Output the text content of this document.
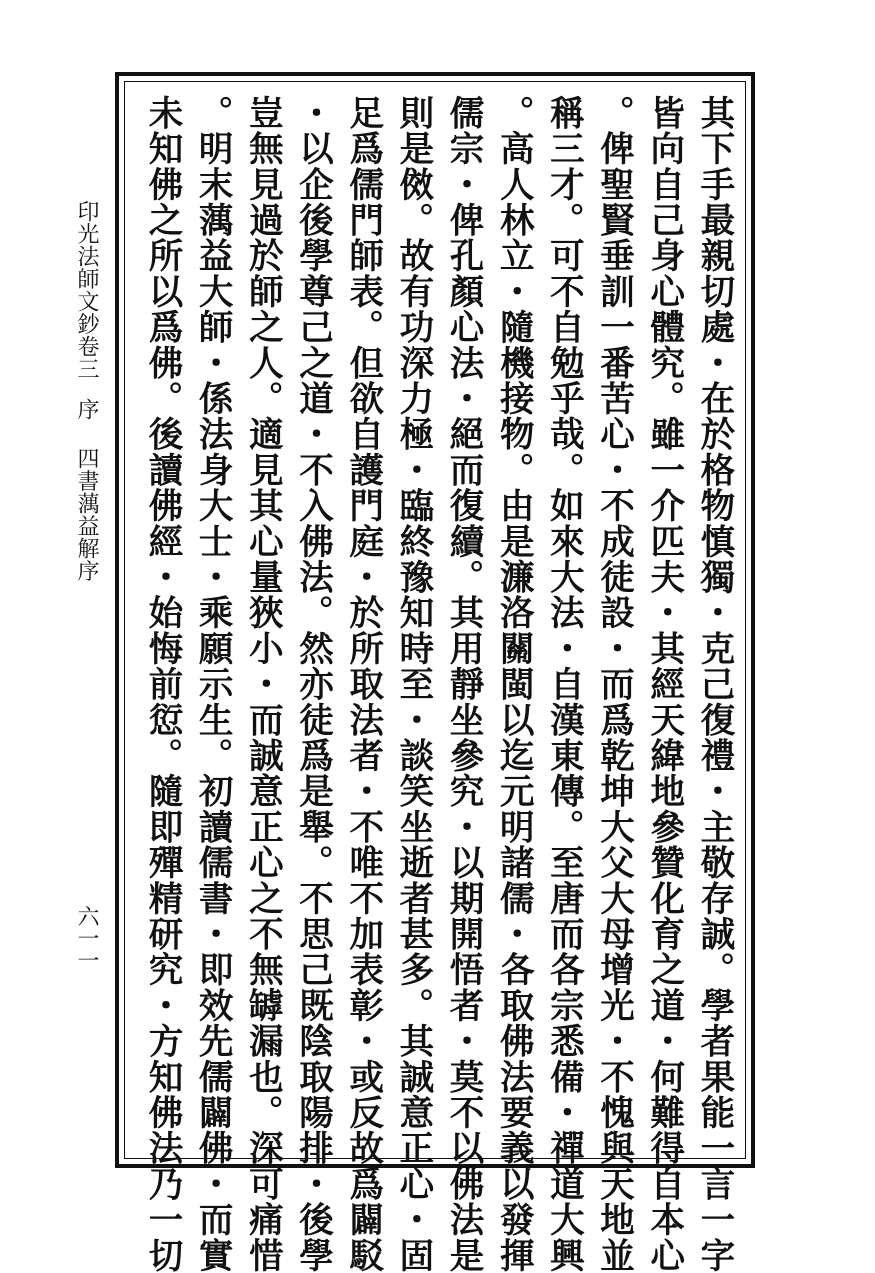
印光法師文鈔卷三序四書蕅益解序
六一一	其下手最親切處・在於格物慎獨・克己復禮・主敬存誠。學者果能一言一字
皆向自己身心體究。雖一介匹夫・其經天緯地參贊化育之道・何難得自本心
。俾聖賢垂訓一番苦心・不成徒設・而爲乾坤大父大母增光・不愧與天地並
稱三才。可不自勉乎哉。如來大法・自漢東傳。至唐而各宗悉備・禪道大興
。高人林立・隨機接物。由是濂洛關閩以迄元明諸儒・各取佛法要義以發揮
儒宗・俾孔顏心法・絕而復續。其用靜坐參究・以期開悟者・莫不以佛法是
則是傚。故有功深力極・臨終豫知時至・談笑坐逝者甚多。其誠意正心・固
足爲儒門師表。但欲自護門庭・於所取法者・不唯不加表彰・或反故爲闢駁
・以企後學尊己之道・不入佛法。然亦徒爲是舉。不思己既陰取陽排・後學
豈無見過於師之人。適見其心量狹小・而誠意正心之不無罅漏也。深可痛惜
。明末蕅益大師・係法身大士・乘願示生。初讀儒書・即效先儒闢佛・而實
未知佛之所以爲佛。後讀佛經・始悔前愆。隨即殫精研究・方知佛法乃一切
